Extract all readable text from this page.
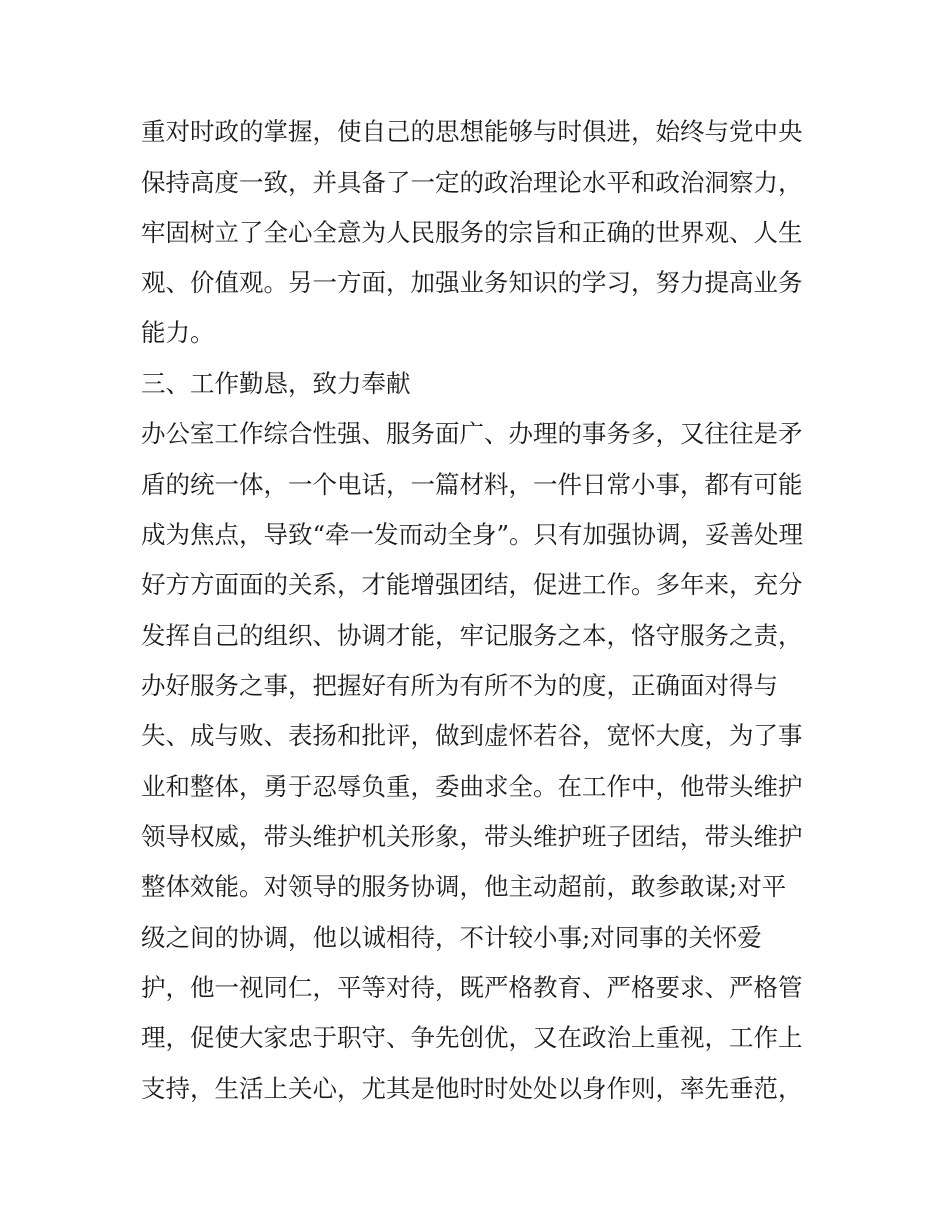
重对时政的掌握，使自己的思想能够与时俱进，始终与党中央

保持高度一致，并具备了一定的政治理论水平和政治洞察力，

牢固树立了全心全意为人民服务的宗旨和正确的世界观、人生

观、价值观。另一方面，加强业务知识的学习，努力提高业务

能力。

三、工作勤恳，致力奉献

办公室工作综合性强、服务面广、办理的事务多，又往往是矛

盾的统一体，一个电话，一篇材料，一件日常小事，都有可能

成为焦点，导致“牵一发而动全身”。只有加强协调，妥善处理

好方方面面的关系，才能增强团结，促进工作。多年来，充分

发挥自己的组织、协调才能，牢记服务之本，恪守服务之责，

办好服务之事，把握好有所为有所不为的度，正确面对得与

失、成与败、表扬和批评，做到虚怀若谷，宽怀大度，为了事

业和整体，勇于忍辱负重，委曲求全。在工作中，他带头维护

领导权威，带头维护机关形象，带头维护班子团结，带头维护

整体效能。对领导的服务协调，他主动超前，敢参敢谋;对平

级之间的协调，他以诚相待，不计较小事;对同事的关怀爱

护，他一视同仁，平等对待，既严格教育、严格要求、严格管

理，促使大家忠于职守、争先创优，又在政治上重视，工作上

支持，生活上关心，尤其是他时时处处以身作则，率先垂范，
